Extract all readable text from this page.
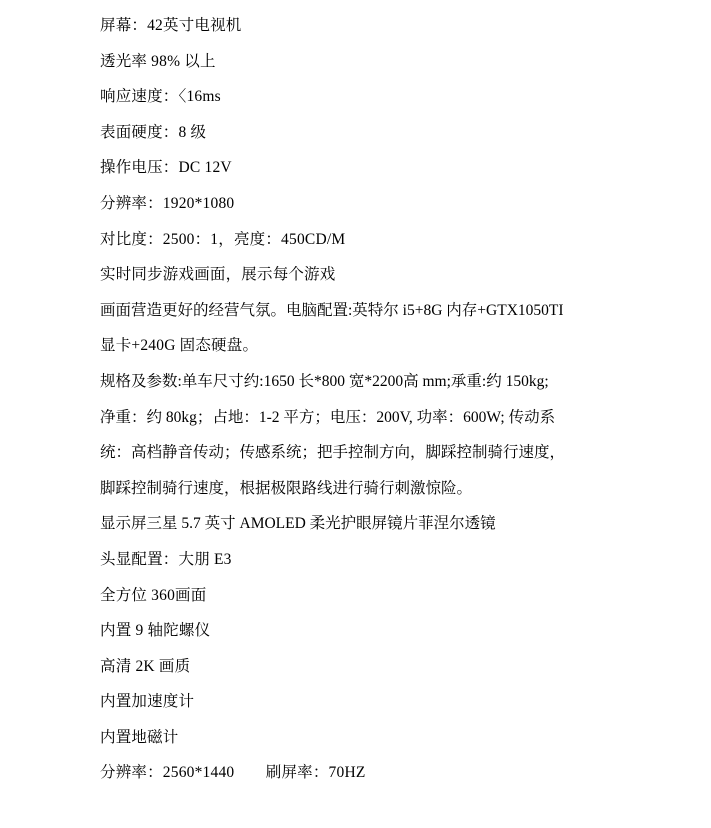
屏幕：42英寸电视机
透光率 98% 以上
响应速度：〈16ms
表面硬度：8 级
操作电压：DC 12V
分辨率：1920*1080
对比度：2500：1，亮度：450CD/M
实时同步游戏画面，展示每个游戏
画面营造更好的经营气氛。电脑配置:英特尔 i5+8G 内存+GTX1050TI
显卡+240G 固态硬盘。
规格及参数:单车尺寸约:1650 长*800 宽*2200高 mm;承重:约 150kg;
净重：约 80kg；占地：1-2 平方；电压：200V, 功率：600W; 传动系
统：高档静音传动；传感系统；把手控制方向，脚踩控制骑行速度，
脚踩控制骑行速度，根据极限路线进行骑行刺激惊险。
显示屏三星 5.7 英寸 AMOLED 柔光护眼屏镜片菲涅尔透镜
头显配置：大朋 E3
全方位 360画面
内置 9 轴陀螺仪
高清 2K 画质
内置加速度计
内置地磁计
分辨率：2560*1440　　刷屏率：70HZ
